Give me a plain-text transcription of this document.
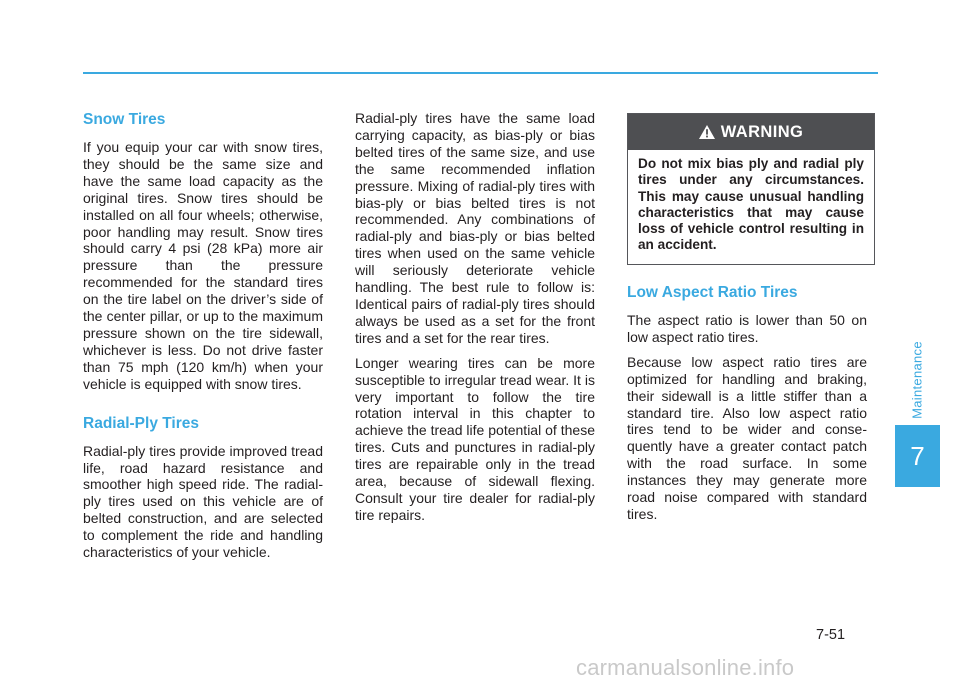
Snow Tires

If you equip your car with snow tires, they should be the same size and have the same load capacity as the original tires. Snow tires should be installed on all four wheels; otherwise, poor handling may result. Snow tires should carry 4 psi (28 kPa) more air pressure than the pressure recommended for the standard tires on the tire label on the driver’s side of the center pillar, or up to the maximum pressure shown on the tire sidewall, whichever is less. Do not drive faster than 75 mph (120 km/h) when your vehicle is equipped with snow tires.

Radial-Ply Tires

Radial-ply tires provide improved tread life, road hazard resistance and smoother high speed ride. The radial-ply tires used on this vehicle are of belted construction, and are selected to complement the ride and handling characteristics of your vehicle.

Radial-ply tires have the same load carrying capacity, as bias-ply or bias belted tires of the same size, and use the same recommended inflation pressure. Mixing of radial-ply tires with bias-ply or bias belted tires is not recommended. Any combinations of radial-ply and bias-ply or bias belted tires when used on the same vehicle will seriously deteriorate vehicle handling. The best rule to follow is: Identical pairs of radial-ply tires should always be used as a set for the front tires and a set for the rear tires.

Longer wearing tires can be more susceptible to irregular tread wear. It is very important to follow the tire rotation interval in this chapter to achieve the tread life potential of these tires. Cuts and punctures in radial-ply tires are repairable only in the tread area, because of sidewall flexing. Consult your tire dealer for radial-ply tire repairs.

WARNING
Do not mix bias ply and radial ply tires under any circumstances. This may cause unusual handling characteristics that may cause loss of vehicle control resulting in an accident.
Low Aspect Ratio Tires

The aspect ratio is lower than 50 on low aspect ratio tires.

Because low aspect ratio tires are optimized for handling and braking, their sidewall is a little stiffer than a standard tire. Also low aspect ratio tires tend to be wider and consequently have a greater contact patch with the road surface. In some instances they may generate more road noise compared with standard tires.

Maintenance
7
7-51
carmanualsonline.info
